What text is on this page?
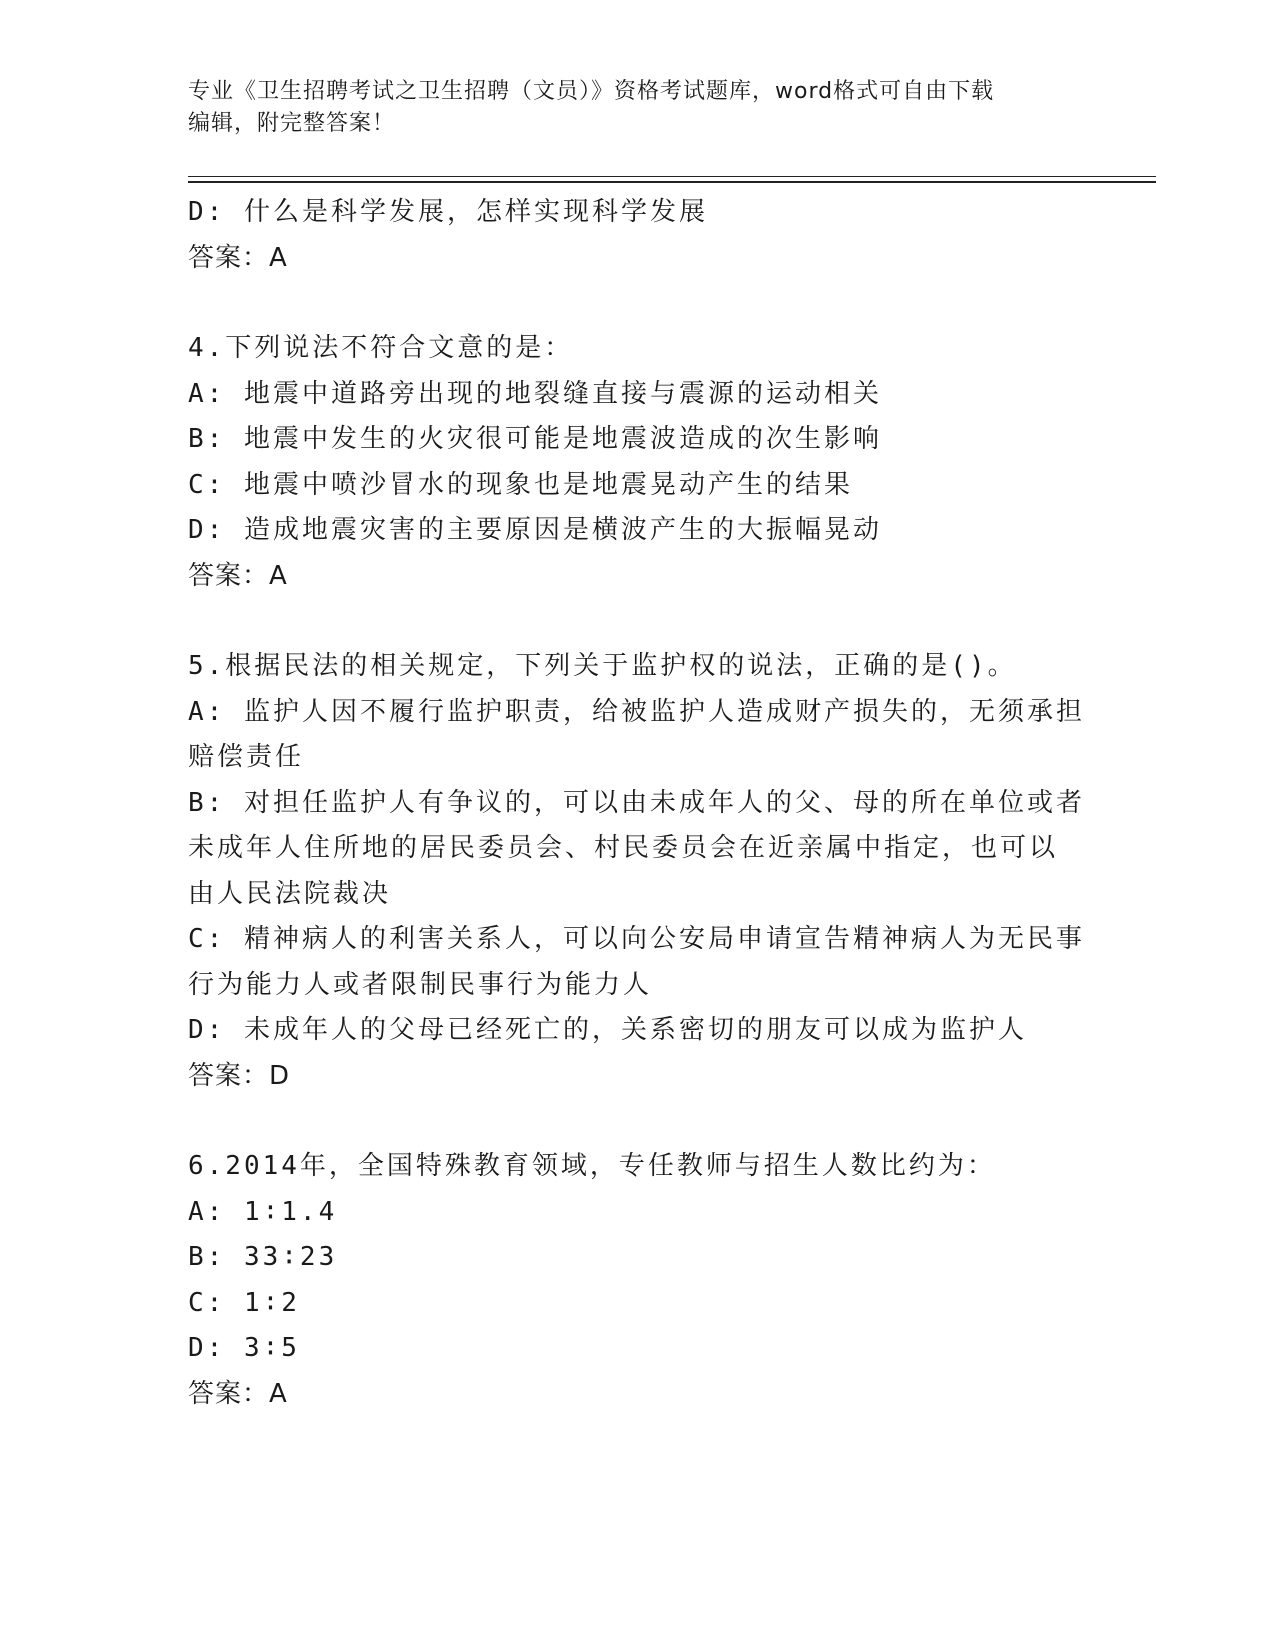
专业《卫生招聘考试之卫生招聘（文员）》资格考试题库，word格式可自由下载
编辑，附完整答案！
D: 什么是科学发展，怎样实现科学发展
答案：A
4.下列说法不符合文意的是：
A: 地震中道路旁出现的地裂缝直接与震源的运动相关
B: 地震中发生的火灾很可能是地震波造成的次生影响
C: 地震中喷沙冒水的现象也是地震晃动产生的结果
D: 造成地震灾害的主要原因是横波产生的大振幅晃动
答案：A
5.根据民法的相关规定，下列关于监护权的说法，正确的是()。
A: 监护人因不履行监护职责，给被监护人造成财产损失的，无须承担
赔偿责任
B: 对担任监护人有争议的，可以由未成年人的父、母的所在单位或者
未成年人住所地的居民委员会、村民委员会在近亲属中指定，也可以
由人民法院裁决
C: 精神病人的利害关系人，可以向公安局申请宣告精神病人为无民事
行为能力人或者限制民事行为能力人
D: 未成年人的父母已经死亡的，关系密切的朋友可以成为监护人
答案：D
6.2014年，全国特殊教育领域，专任教师与招生人数比约为：
A: 1∶1.4
B: 33∶23
C: 1∶2
D: 3∶5
答案：A
